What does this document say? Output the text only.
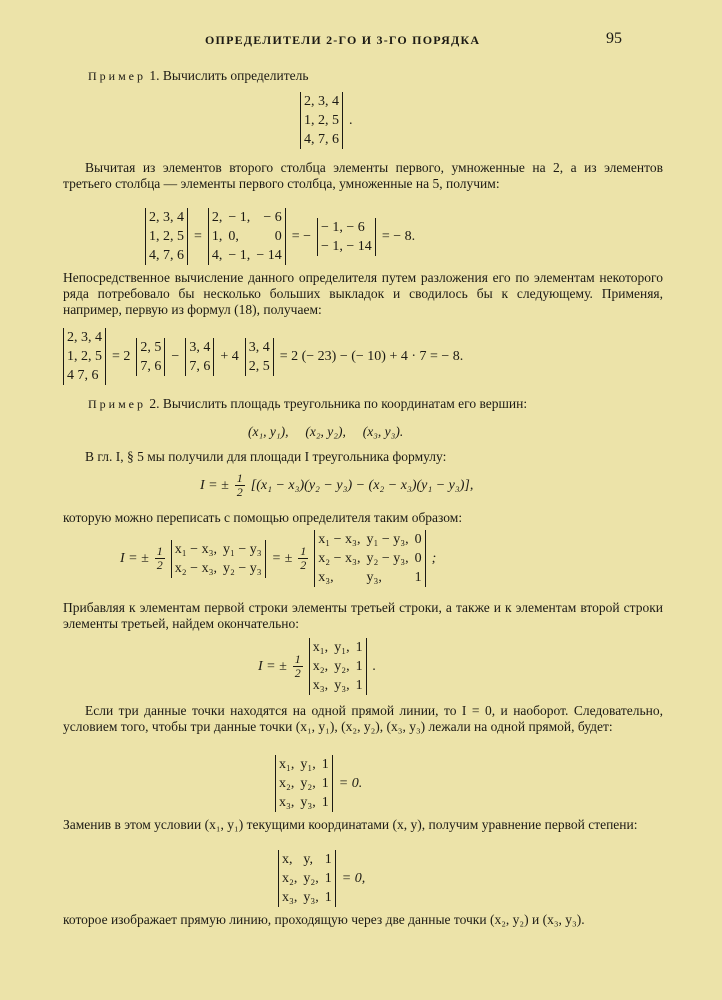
ОПРЕДЕЛИТЕЛИ 2-ГО И 3-ГО ПОРЯДКА	95
Пример 1. Вычислить определитель
2, 3, 4
1, 2, 5
4, 7, 6
.
Вычитая из элементов второго столбца элементы первого, умноженные на 2, а из элементов третьего столбца — элементы первого столбца, умноженные на 5, получим:
2, 3, 4
1, 2, 5
4, 7, 6
=
2,	− 1,	− 6
1,	0,	0
4,	− 1,	− 14
= −
− 1, − 6
− 1, − 14
= − 8.
Непосредственное вычисление данного определителя путем разложения его по элементам некоторого ряда потребовало бы несколько больших выкладок и сводилось бы к следующему. Применяя, например, первую из формул (18), получаем:
2, 3, 4
1, 2, 5
4 7, 6
= 2
2, 5
7, 6
−
3, 4
7, 6
+ 4
3, 4
2, 5
= 2 (− 23) − (− 10) + 4 · 7 = − 8.
Пример 2. Вычислить площадь треугольника по координатам его вершин:
(x₁, y₁),     (x₂, y₂),     (x₃, y₃).
В гл. I, § 5 мы получили для площади I треугольника формулу:
I = ± $\frac{1}{2} [(x_1 - x_3)(y_2 - y_3) - (x_2 - x_3)(y_1 - y_3)]$,
которую можно переписать с помощью определителя таким образом:
I = ± $\frac{1}{2} x_1 - x_3$,	y₁ − y₃
x₂ − x₃,	y₂ − y₃
= ± $\frac{1}{2}$
x₁ − x₃,	y₁ − y₃,	0
x₂ − x₃,	y₂ − y₃,	0
x₃,	y₃,	1
;
Прибавляя к элементам первой строки элементы третьей строки, а также и к элементам второй строки элементы третьей, найдем окончательно:
I = ± $\frac{1}{2}$
x₁,	y₁,	1
x₂,	y₂,	1
x₃,	y₃,	1
.
Если три данные точки находятся на одной прямой линии, то I = 0, и наоборот. Следовательно, условием того, чтобы три данные точки (x₁, y₁), (x₂, y₂), (x₃, y₃) лежали на одной прямой, будет:
x₁,	y₁,	1
x₂,	y₂,	1
x₃,	y₃,	1
= 0.
Заменив в этом условии (x₁, y₁) текущими координатами (x, y), получим уравнение первой степени:
x,	y,	1
x₂,	y₂,	1
x₃,	y₃,	1
= 0,
которое изображает прямую линию, проходящую через две данные точки (x₂, y₂) и (x₃, y₃).
